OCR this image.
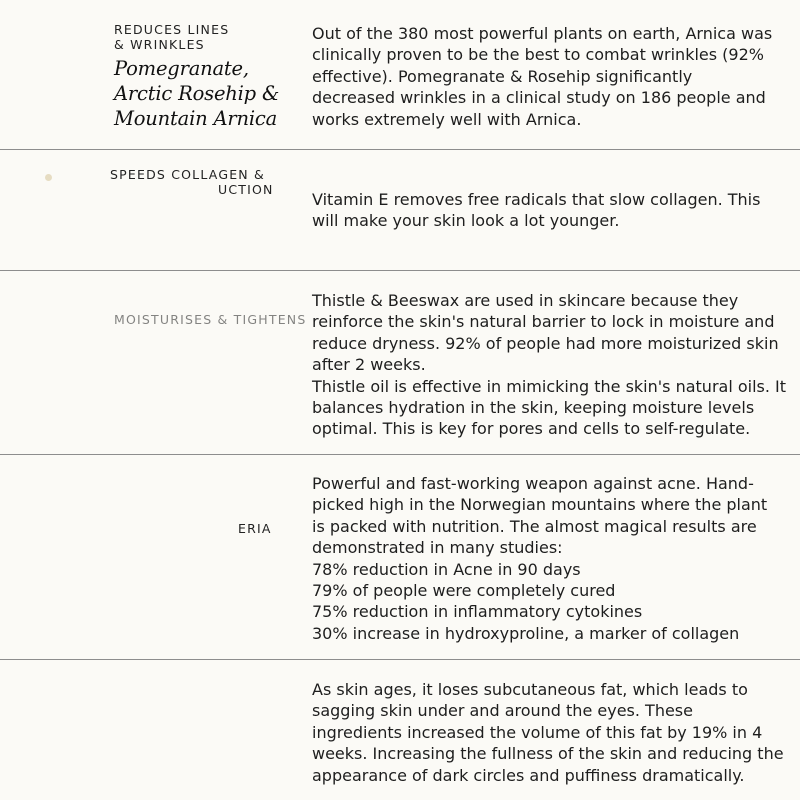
REDUCES LINES
& WRINKLES
Pomegranate,
Arctic Rosehip &
Mountain Arnica
Out of the 380 most powerful plants on earth, Arnica was
clinically proven to be the best to combat wrinkles (92%
effective). Pomegranate & Rosehip significantly
decreased wrinkles in a clinical study on 186 people and
works extremely well with Arnica.
SPEEDS COLLAGEN &
UCTION
Vitamin E removes free radicals that slow collagen. This
will make your skin look a lot younger.
MOISTURISES & TIGHTENS
Thistle & Beeswax are used in skincare because they
reinforce the skin's natural barrier to lock in moisture and
reduce dryness. 92% of people had more moisturized skin
after 2 weeks.
Thistle oil is effective in mimicking the skin's natural oils. It
balances hydration in the skin, keeping moisture levels
optimal. This is key for pores and cells to self-regulate.
ERIA
Powerful and fast-working weapon against acne. Hand-
picked high in the Norwegian mountains where the plant
is packed with nutrition. The almost magical results are
demonstrated in many studies:
78% reduction in Acne in 90 days
79% of people were completely cured
75% reduction in inflammatory cytokines
30% increase in hydroxyproline, a marker of collagen
As skin ages, it loses subcutaneous fat, which leads to
sagging skin under and around the eyes. These
ingredients increased the volume of this fat by 19% in 4
weeks. Increasing the fullness of the skin and reducing the
appearance of dark circles and puffiness dramatically.
